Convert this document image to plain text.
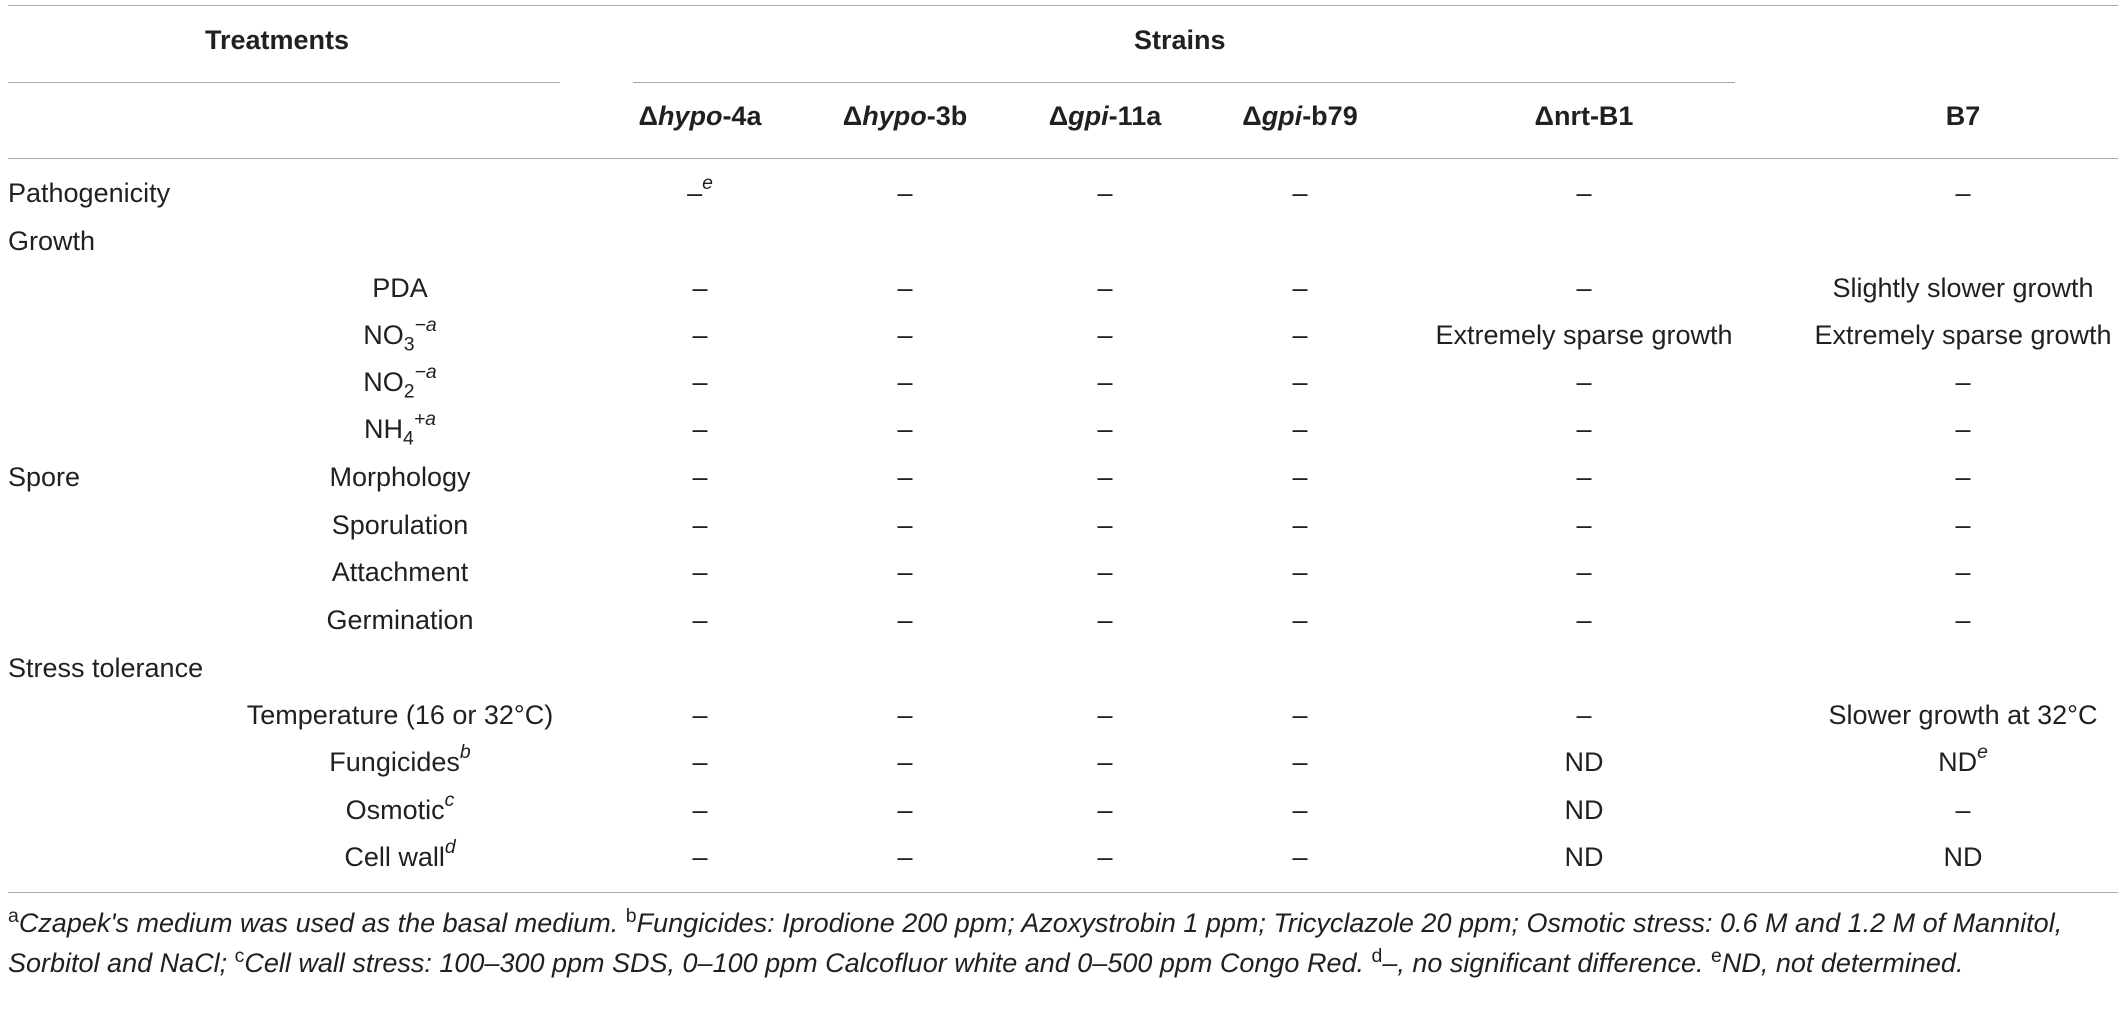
Treatments	Strains
Δhypo-4a	Δhypo-3b	Δgpi-11a	Δgpi-b79	Δnrt-B1	B7
Pathogenicity	–$^e$	–	–	–	–	–
Growth
PDA	–	–	–	–	–	Slightly slower growth
$NO_3^{-a}$	–	–	–	–	Extremely sparse growth	Extremely sparse growth
$NO_2^{-a}$	–	–	–	–	–	–
$NH_4^{+a}$	–	–	–	–	–	–
Spore	Morphology	–	–	–	–	–	–
Sporulation	–	–	–	–	–	–
Attachment	–	–	–	–	–	–
Germination	–	–	–	–	–	–
Stress tolerance
Temperature (16 or 32°C)	–	–	–	–	–	Slower growth at 32°C
Fungicides$^b$	–	–	–	–	ND	$ND^e$
Osmotic$^c$	–	–	–	–	ND	–
Cell wall$^d$	–	–	–	–	ND	ND
$^a$Czapek's medium was used as the basal medium. $^b$Fungicides: Iprodione 200 ppm; Azoxystrobin 1 ppm; Tricyclazole 20 ppm; Osmotic stress: 0.6 M and 1.2 M of Mannitol, Sorbitol and NaCl; $^c$Cell wall stress: 100–300 ppm SDS, 0–100 ppm Calcofluor white and 0–500 ppm Congo Red. $^d$–, no significant difference. $^e$ND, not determined.
